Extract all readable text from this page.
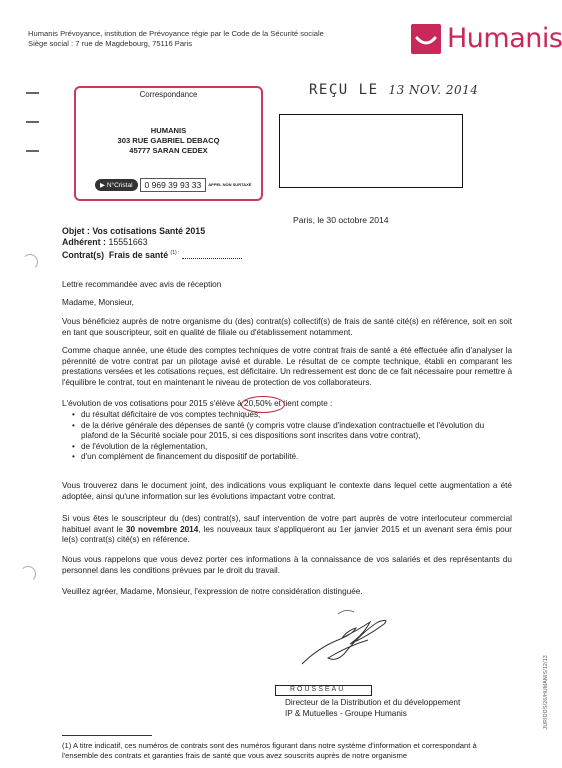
Humanis Prévoyance, institution de Prévoyance régie par le Code de la Sécurité sociale
Siège social : 7 rue de Magdebourg, 75116 Paris	Humanis
REÇU LE 13 NOV. 2014
Correspondance
HUMANIS
303 RUE GABRIEL DEBACQ
45777 SARAN CEDEX
▶ N°Cristal 0 969 39 93 33 APPEL NON SURTAXÉ
Paris, le 30 octobre 2014
Objet : Vos cotisations Santé 2015
Adhérent : 15551663
Contrat(s) Frais de santé $^{(1) :}$
Lettre recommandée avec avis de réception
Madame, Monsieur,
Vous bénéficiez auprès de notre organisme du (des) contrat(s) collectif(s) de frais de santé cité(s) en référence, soit en soit en tant que souscripteur, soit en qualité de filiale ou d'établissement notamment.
Comme chaque année, une étude des comptes techniques de votre contrat frais de santé a été effectuée afin d'analyser la pérennité de votre contrat par un pilotage avisé et durable. Le résultat de ce compte technique, établi en comparant les prestations versées et les cotisations reçues, est déficitaire. Un redressement est donc de ce fait nécessaire pour remettre à l'équilibre le contrat, tout en maintenant le niveau de protection de vos collaborateurs.
L'évolution de vos cotisations pour 2015 s'élève à 20,50% et tient compte :
• du résultat déficitaire de vos comptes techniques,
• de la dérive générale des dépenses de santé (y compris votre clause d'indexation contractuelle et l'évolution du plafond de la Sécurité sociale pour 2015, si ces dispositions sont inscrites dans votre contrat),
• de l'évolution de la réglementation,
• d'un complément de financement du dispositif de portabilité.
Vous trouverez dans le document joint, des indications vous expliquant le contexte dans lequel cette augmentation a été adoptée, ainsi qu'une information sur les évolutions impactant votre contrat.
Si vous êtes le souscripteur du (des) contrat(s), sauf intervention de votre part auprès de votre interlocuteur commercial habituel avant le 30 novembre 2014, les nouveaux taux s'appliqueront au 1er janvier 2015 et un avenant sera émis pour le(s) contrat(s) cité(s) en référence.
Nous vous rappelons que vous devez porter ces informations à la connaissance de vos salariés et des représentants du personnel dans les conditions prévues par le droit du travail.
Veuillez agréer, Madame, Monsieur, l'expression de notre considération distinguée.
ROUSSEAU
Directeur de la Distribution et du développement
IP & Mutuelles - Groupe Humanis	JURIDOS/26/HUMANIS/12/13
(1) A titre indicatif, ces numéros de contrats sont des numéros figurant dans notre système d'information et correspondant à l'ensemble des contrats et garanties frais de santé que vous avez souscrits auprès de notre organisme
